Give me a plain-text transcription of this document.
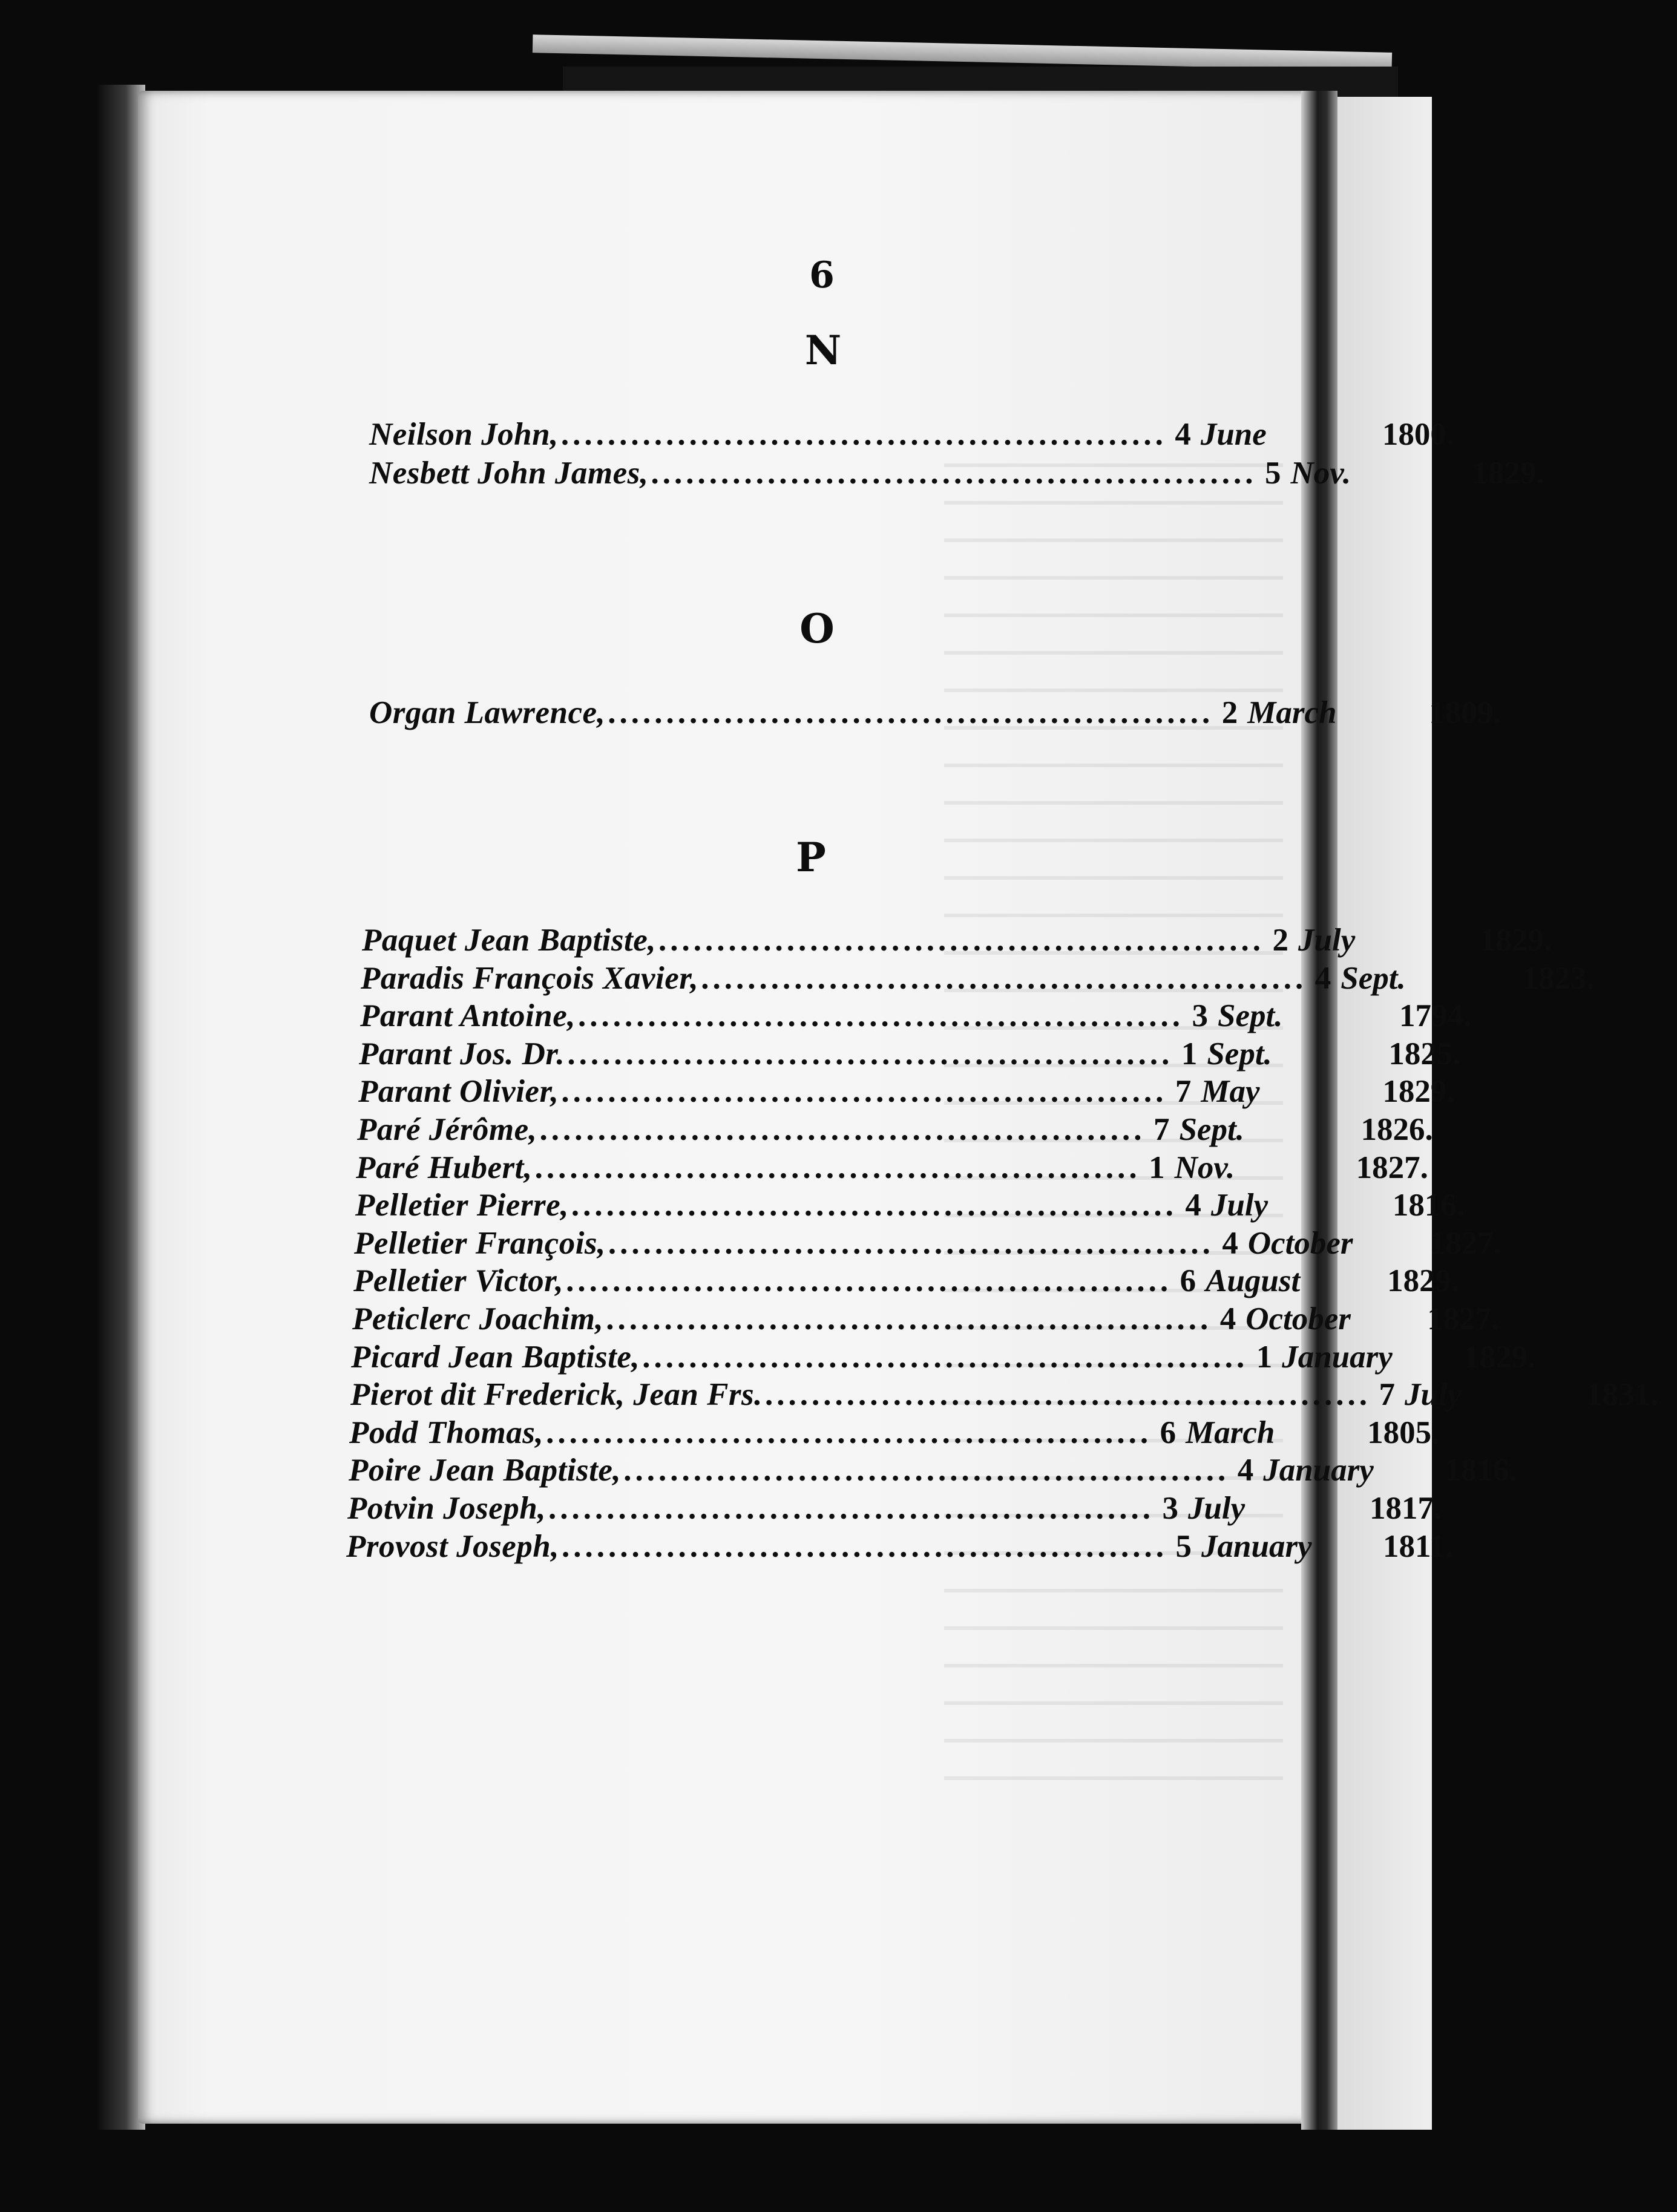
6
N
Neilson John, .................................................... 4 June	1800.
Nesbett John James, .................................................... 5 Nov.	1829.
O
Organ Lawrence, .................................................... 2 March	1809.
P
Paquet Jean Baptiste, .................................................... 2 July	1829.
Paradis François Xavier, .................................................... 4 Sept.	1823.
Parant Antoine, .................................................... 3 Sept.	1794.
Parant Jos. Dr. .................................................... 1 Sept.	1825.
Parant Olivier, .................................................... 7 May	1829.
Paré Jérôme, .................................................... 7 Sept.	1826.
Paré Hubert, .................................................... 1 Nov.	1827.
Pelletier Pierre, .................................................... 4 July	1816.
Pelletier François, .................................................... 4 October	1827.
Pelletier Victor, .................................................... 6 August	1829.
Peticlerc Joachim, .................................................... 4 October	1827.
Picard Jean Baptiste, .................................................... 1 January	1829.
Pierot dit Frederick, Jean Frs. .................................................... 7 July	1831.
Podd Thomas, .................................................... 6 March	1805.
Poire Jean Baptiste, .................................................... 4 January	1816.
Potvin Joseph, .................................................... 3 July	1817.
Provost Joseph, .................................................... 5 January	1811.
